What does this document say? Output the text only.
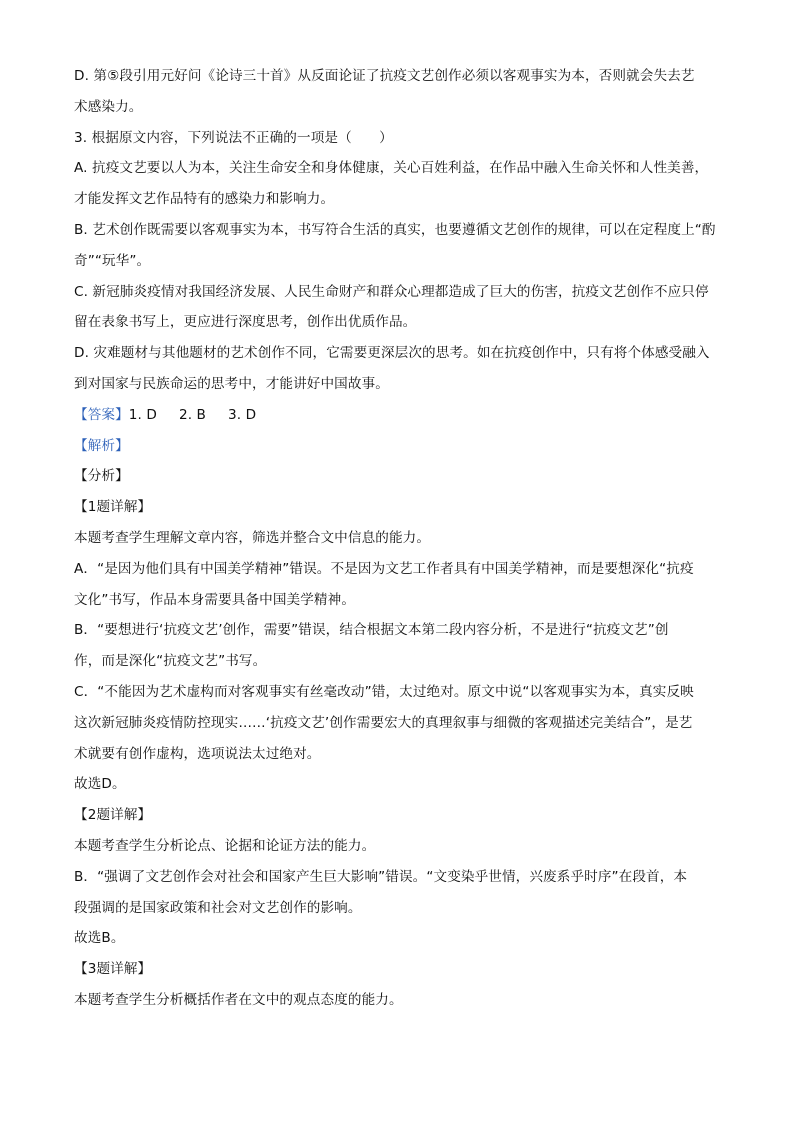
D. 第⑤段引用元好问《论诗三十首》从反面论证了抗疫文艺创作必须以客观事实为本，否则就会失去艺
术感染力。
3. 根据原文内容，下列说法不正确的一项是（　　）
A. 抗疫文艺要以人为本，关注生命安全和身体健康，关心百姓利益，在作品中融入生命关怀和人性美善，
才能发挥文艺作品特有的感染力和影响力。
B. 艺术创作既需要以客观事实为本，书写符合生活的真实，也要遵循文艺创作的规律，可以在定程度上“酌
奇”“玩华”。
C. 新冠肺炎疫情对我国经济发展、人民生命财产和群众心理都造成了巨大的伤害，抗疫文艺创作不应只停
留在表象书写上，更应进行深度思考，创作出优质作品。
D. 灾难题材与其他题材的艺术创作不同，它需要更深层次的思考。如在抗疫创作中，只有将个体感受融入
到对国家与民族命运的思考中，才能讲好中国故事。
【答案】1. D 2. B 3. D
【解析】
【分析】
【1题详解】
本题考查学生理解文章内容，筛选并整合文中信息的能力。
A．“是因为他们具有中国美学精神”错误。不是因为文艺工作者具有中国美学精神，而是要想深化“抗疫
文化”书写，作品本身需要具备中国美学精神。
B．“要想进行‘抗疫文艺’创作，需要”错误，结合根据文本第二段内容分析，不是进行“抗疫文艺”创
作，而是深化“抗疫文艺”书写。
C．“不能因为艺术虚构而对客观事实有丝毫改动”错，太过绝对。原文中说“以客观事实为本，真实反映
这次新冠肺炎疫情防控现实……‘抗疫文艺’创作需要宏大的真理叙事与细微的客观描述完美结合”，是艺
术就要有创作虚构，选项说法太过绝对。
故选D。
【2题详解】
本题考查学生分析论点、论据和论证方法的能力。
B．“强调了文艺创作会对社会和国家产生巨大影响”错误。“文变染乎世情，兴废系乎时序”在段首，本
段强调的是国家政策和社会对文艺创作的影响。
故选B。
【3题详解】
本题考查学生分析概括作者在文中的观点态度的能力。
